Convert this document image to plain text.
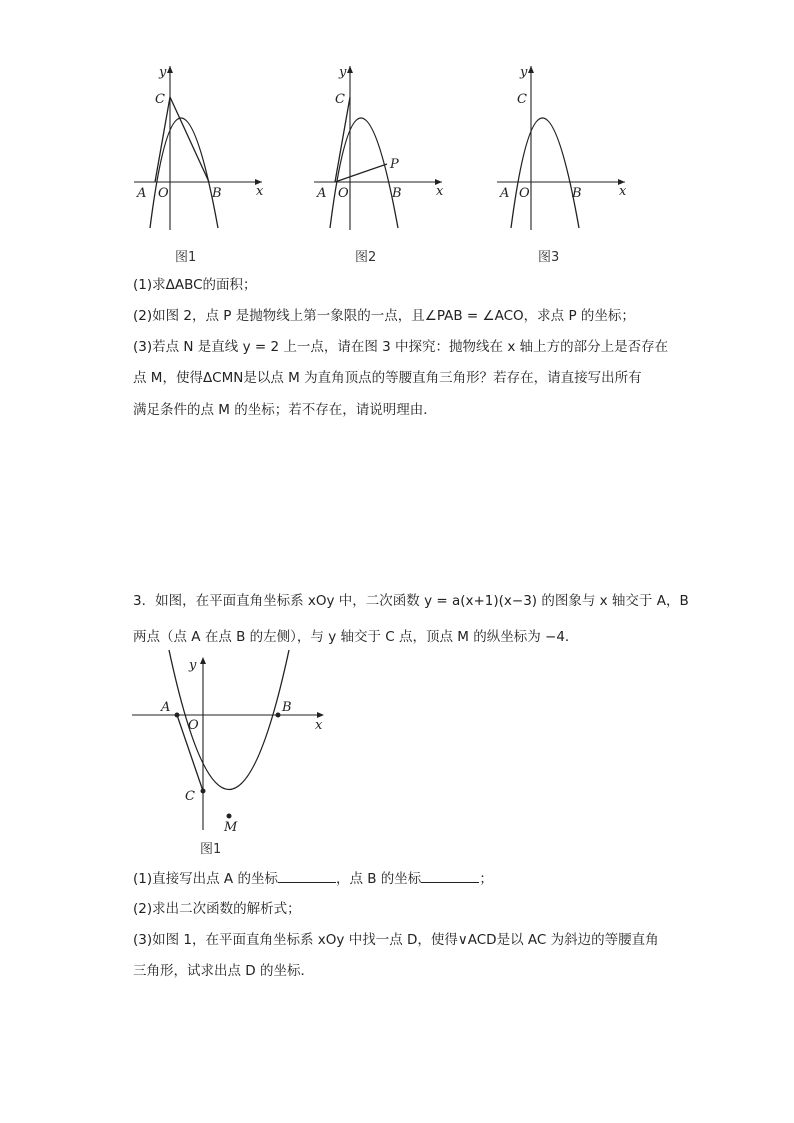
y
x
C
A O	B
图1
y
x
C
A O	B
P
图2
y
x
C
A O	B
图3
(1)求ΔABC的面积；
(2)如图 2，点 P 是抛物线上第一象限的一点，且∠PAB = ∠ACO，求点 P 的坐标；
(3)若点 N 是直线 y = 2 上一点，请在图 3 中探究：抛物线在 x 轴上方的部分上是否存在
点 M，使得ΔCMN是以点 M 为直角顶点的等腰直角三角形？若存在，请直接写出所有
满足条件的点 M 的坐标；若不存在，请说明理由．
3．如图，在平面直角坐标系 xOy 中，二次函数 y = a(x+1)(x−3) 的图象与 x 轴交于 A，B
两点（点 A 在点 B 的左侧），与 y 轴交于 C 点，顶点 M 的纵坐标为 −4．
y
x
A
O
B
C
M
图1
(1)直接写出点 A 的坐标	，点 B 的坐标	；
(2)求出二次函数的解析式；
(3)如图 1，在平面直角坐标系 xOy 中找一点 D，使得∨ACD是以 AC 为斜边的等腰直角
三角形，试求出点 D 的坐标．
